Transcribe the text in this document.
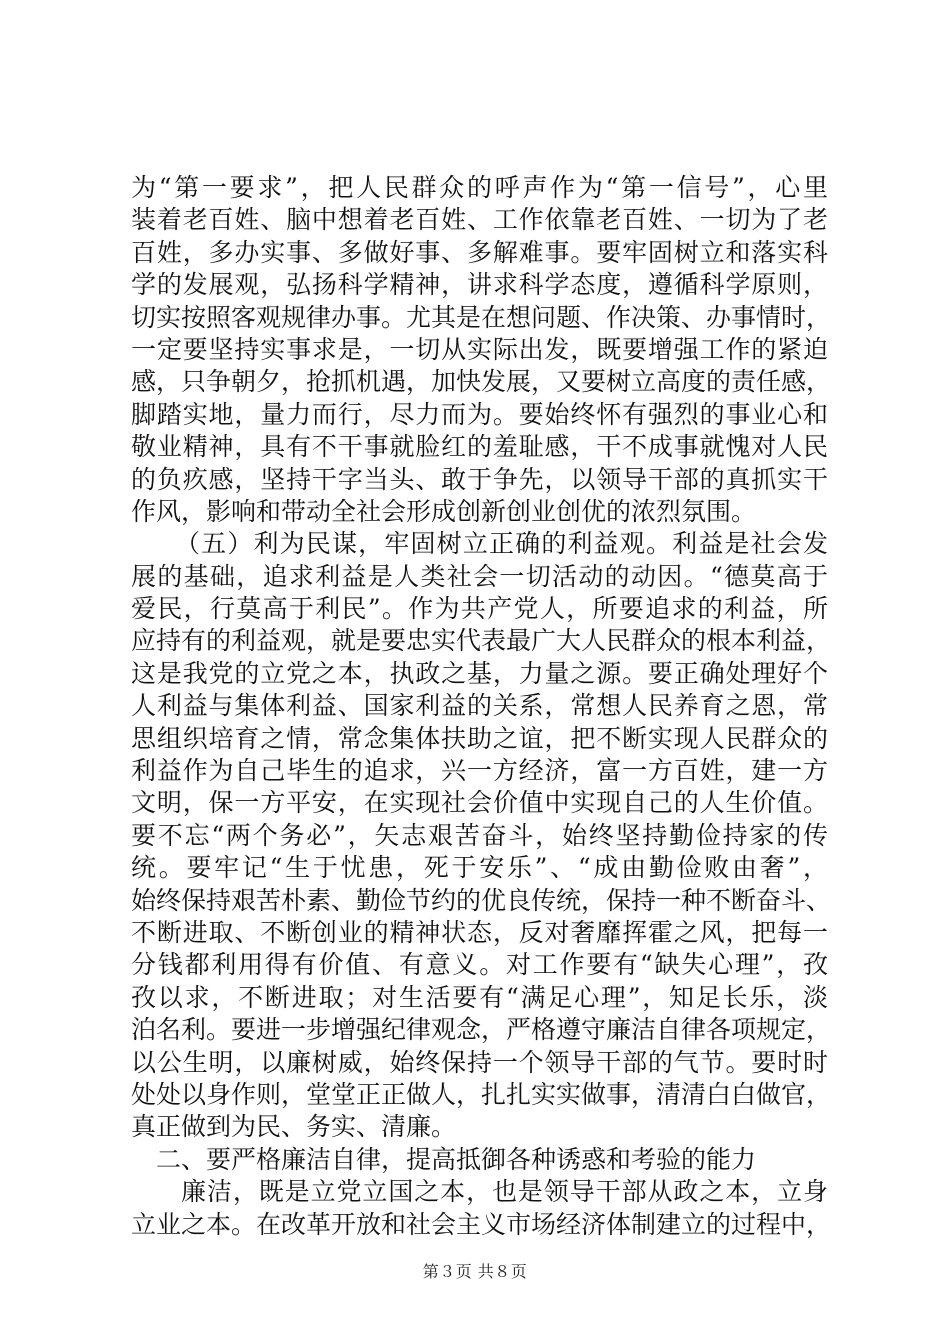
为“第一要求”，把人民群众的呼声作为“第一信号”，心里
装着老百姓、脑中想着老百姓、工作依靠老百姓、一切为了老
百姓，多办实事、多做好事、多解难事。要牢固树立和落实科
学的发展观，弘扬科学精神，讲求科学态度，遵循科学原则，
切实按照客观规律办事。尤其是在想问题、作决策、办事情时，
一定要坚持实事求是，一切从实际出发，既要增强工作的紧迫
感，只争朝夕，抢抓机遇，加快发展，又要树立高度的责任感，
脚踏实地，量力而行，尽力而为。要始终怀有强烈的事业心和
敬业精神，具有不干事就脸红的羞耻感，干不成事就愧对人民
的负疚感，坚持干字当头、敢于争先，以领导干部的真抓实干
作风，影响和带动全社会形成创新创业创优的浓烈氛围。
（五）利为民谋，牢固树立正确的利益观。利益是社会发
展的基础，追求利益是人类社会一切活动的动因。“德莫高于
爱民，行莫高于利民”。作为共产党人，所要追求的利益，所
应持有的利益观，就是要忠实代表最广大人民群众的根本利益，
这是我党的立党之本，执政之基，力量之源。要正确处理好个
人利益与集体利益、国家利益的关系，常想人民养育之恩，常
思组织培育之情，常念集体扶助之谊，把不断实现人民群众的
利益作为自己毕生的追求，兴一方经济，富一方百姓，建一方
文明，保一方平安，在实现社会价值中实现自己的人生价值。
要不忘“两个务必”，矢志艰苦奋斗，始终坚持勤俭持家的传
统。要牢记“生于忧患，死于安乐”、“成由勤俭败由奢”，
始终保持艰苦朴素、勤俭节约的优良传统，保持一种不断奋斗、
不断进取、不断创业的精神状态，反对奢靡挥霍之风，把每一
分钱都利用得有价值、有意义。对工作要有“缺失心理”，孜
孜以求，不断进取；对生活要有“满足心理”，知足长乐，淡
泊名利。要进一步增强纪律观念，严格遵守廉洁自律各项规定，
以公生明，以廉树威，始终保持一个领导干部的气节。要时时
处处以身作则，堂堂正正做人，扎扎实实做事，清清白白做官，
真正做到为民、务实、清廉。
二、要严格廉洁自律，提高抵御各种诱惑和考验的能力
廉洁，既是立党立国之本，也是领导干部从政之本，立身
立业之本。在改革开放和社会主义市场经济体制建立的过程中，
第３页 共８页
